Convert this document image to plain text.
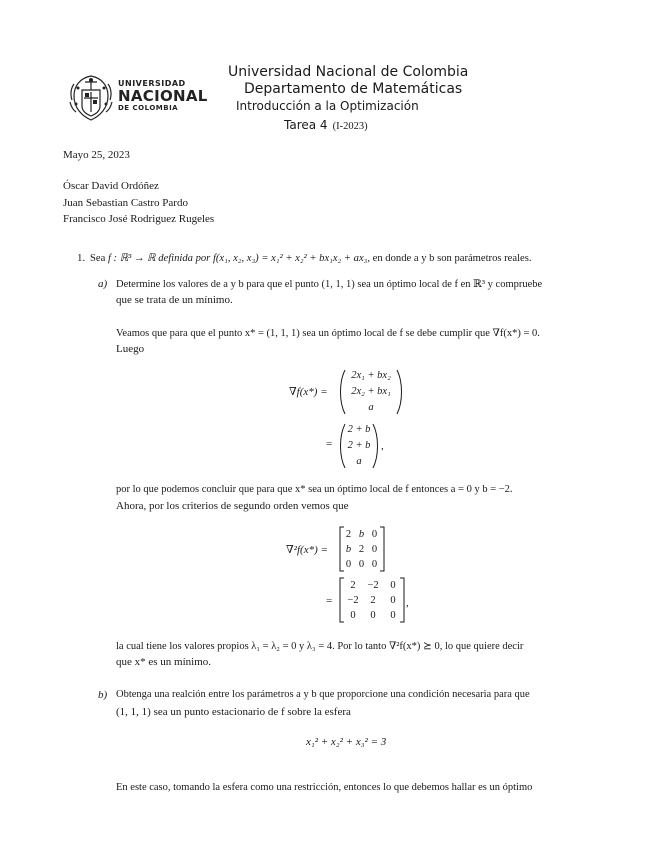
UNIVERSIDAD
NACIONAL
DE COLOMBIA
Universidad Nacional de Colombia
Departamento de Matemáticas
Introducción a la Optimización
Tarea 4 (I-2023)
Mayo 25, 2023
Óscar David Ordóñez
Juan Sebastian Castro Pardo
Francisco José Rodriguez Rugeles
1. Sea f : ℝ³ → ℝ definida por f(x₁, x₂, x₃) = x₁² + x₂² + bx₁x₂ + ax₃, en donde a y b son parámetros reales.
a) Determine los valores de a y b para que el punto (1, 1, 1) sea un óptimo local de f en ℝ³ y compruebe
que se trata de un mínimo.
Veamos que para que el punto x* = (1, 1, 1) sea un óptimo local de f se debe cumplir que ∇f(x*) = 0.
Luego
∇f(x*) =
2x₁ + bx₂
2x₂ + bx₁
a
=
2 + b
2 + b
a
,
por lo que podemos concluir que para que x* sea un óptimo local de f entonces a = 0 y b = −2.
Ahora, por los criterios de segundo orden vemos que
∇²f(x*) =
2 b 0
b 2 0
0 0 0
=
2	−2	0
−2	2	0
0	0	0
,
la cual tiene los valores propios λ₁ = λ₂ = 0 y λ₃ = 4. Por lo tanto ∇²f(x*) ⪰ 0, lo que quiere decir
que x* es un mínimo.
b) Obtenga una realción entre los parámetros a y b que proporcione una condición necesaria para que
(1, 1, 1) sea un punto estacionario de f sobre la esfera
x₁² + x₂² + x₃² = 3
En este caso, tomando la esfera como una restricción, entonces lo que debemos hallar es un óptimo
